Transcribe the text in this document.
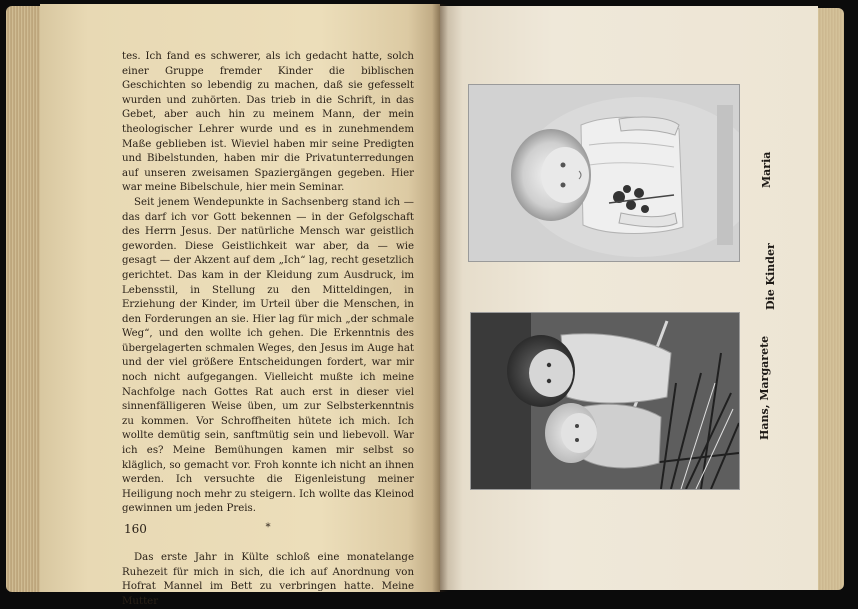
tes. Ich fand es schwerer, als ich gedacht hatte, solch einer Gruppe fremder Kinder die biblischen Geschichten so lebendig zu machen, daß sie gefesselt wurden und zuhörten. Das trieb in die Schrift, in das Gebet, aber auch hin zu meinem Mann, der mein theologischer Lehrer wurde und es in zunehmendem Maße geblieben ist. Wieviel haben mir seine Predigten und Bibelstunden, haben mir die Privatunterredungen auf unseren zweisamen Spaziergängen gegeben. Hier war meine Bibelschule, hier mein Seminar.

Seit jenem Wendepunkte in Sachsenberg stand ich — das darf ich vor Gott bekennen — in der Gefolgschaft des Herrn Jesus. Der natürliche Mensch war geistlich geworden. Diese Geistlichkeit war aber, da — wie gesagt — der Akzent auf dem „Ich“ lag, recht gesetzlich gerichtet. Das kam in der Kleidung zum Ausdruck, im Lebensstil, in Stellung zu den Mitteldingen, in Erziehung der Kinder, im Urteil über die Menschen, in den Forderungen an sie. Hier lag für mich „der schmale Weg“, und den wollte ich gehen. Die Erkenntnis des übergelagerten schmalen Weges, den Jesus im Auge hat und der viel größere Entscheidungen fordert, war mir noch nicht aufgegangen. Vielleicht mußte ich meine Nachfolge nach Gottes Rat auch erst in dieser viel sinnenfälligeren Weise üben, um zur Selbsterkenntnis zu kommen. Vor Schroffheiten hütete ich mich. Ich wollte demütig sein, sanftmütig sein und liebevoll. War ich es? Meine Bemühungen kamen mir selbst so kläglich, so gemacht vor. Froh konnte ich nicht an ihnen werden. Ich versuchte die Eigenleistung meiner Heiligung noch mehr zu steigern. Ich wollte das Kleinod gewinnen um jeden Preis.

*

Das erste Jahr in Külte schloß eine monatelange Ruhezeit für mich in sich, die ich auf Anordnung von Hofrat Mannel im Bett zu verbringen hatte. Meine Mutter

160
Maria
Die Kinder
Hans, Margarete
